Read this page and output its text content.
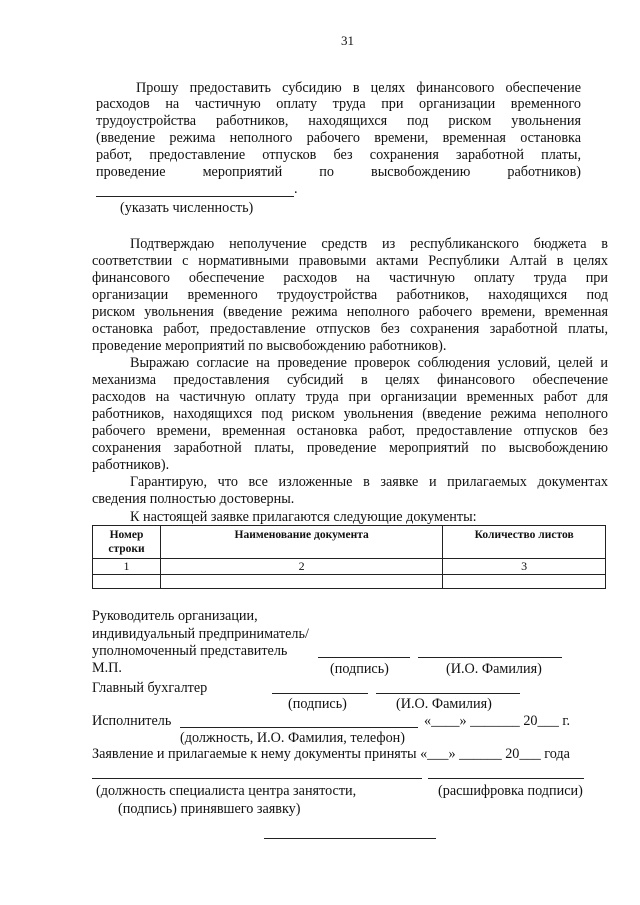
31
Прошу предоставить субсидию в целях финансового обеспечение
расходов на частичную оплату труда при организации временного
трудоустройства работников, находящихся под риском увольнения
(введение режима неполного рабочего времени, временная остановка
работ, предоставление отпусков без сохранения заработной платы,
проведение мероприятий по высвобождению работников)
.
(указать численность)
Подтверждаю неполучение средств из республиканского бюджета в
соответствии с нормативными правовыми актами Республики Алтай в целях
финансового обеспечение расходов на частичную оплату труда при
организации временного трудоустройства работников, находящихся под
риском увольнения (введение режима неполного рабочего времени, временная
остановка работ, предоставление отпусков без сохранения заработной платы,
проведение мероприятий по высвобождению работников).
Выражаю согласие на проведение проверок соблюдения условий, целей и
механизма предоставления субсидий в целях финансового обеспечение
расходов на частичную оплату труда при организации временных работ для
работников, находящихся под риском увольнения (введение режима неполного
рабочего времени, временная остановка работ, предоставление отпусков без
сохранения заработной платы, проведение мероприятий по высвобождению
работников).
Гарантирую, что все изложенные в заявке и прилагаемых документах
сведения полностью достоверны.
К настоящей заявке прилагаются следующие документы:
Номер строки	Наименование документа	Количество листов
1	2	3

Руководитель организации,
индивидуальный предприниматель/
уполномоченный представитель
М.П.	(подпись)	(И.О. Фамилия)
Главный бухгалтер
(подпись)	(И.О. Фамилия)
Исполнитель	«____» _______ 20___ г.
(должность, И.О. Фамилия, телефон)
Заявление и прилагаемые к нему документы приняты «___» ______ 20___ года
(должность специалиста центра занятости,	(расшифровка подписи)
(подпись) принявшего заявку)
